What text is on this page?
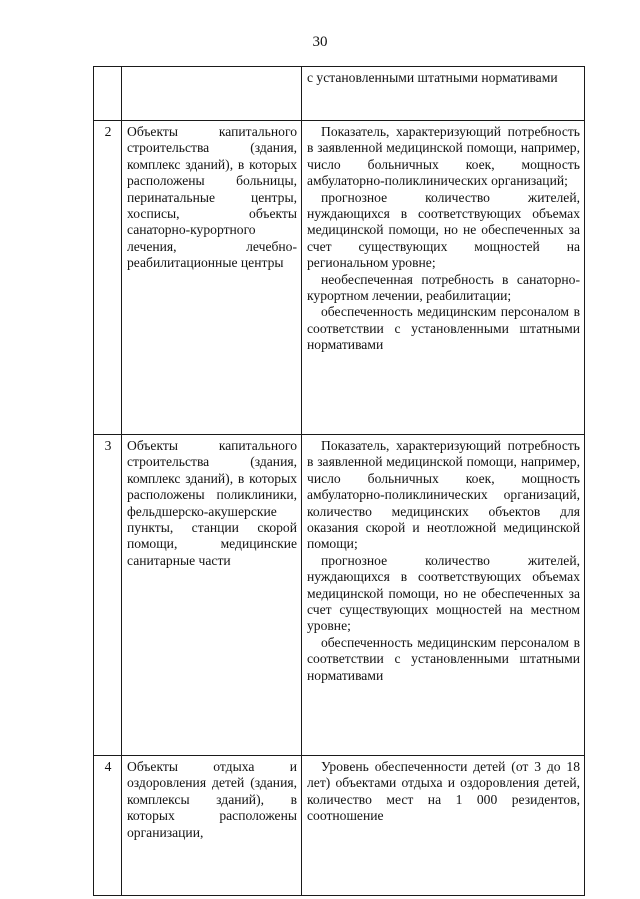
30

		с установленными штатными нормативами

2	Объекты капитального строительства (здания, комплекс зданий), в которых расположены больницы, перинатальные центры, хосписы, объекты санаторно-курортного лечения, лечебно-реабилитационные центры	Показатель, характеризующий потребность в заявленной медицинской помощи, например, число больничных коек, мощность амбулаторно-поликлинических организаций;

прогнозное количество жителей, нуждающихся в соответствующих объемах медицинской помощи, но не обеспеченных за счет существующих мощностей на региональном уровне;

необеспеченная потребность в санаторно-курортном лечении, реабилитации;

обеспеченность медицинским персоналом в соответствии с установленными штатными нормативами

3	Объекты капитального строительства (здания, комплекс зданий), в которых расположены поликлиники, фельдшерско-акушерские пункты, станции скорой помощи, медицинские санитарные части	Показатель, характеризующий потребность в заявленной медицинской помощи, например, число больничных коек, мощность амбулаторно-поликлинических организаций, количество медицинских объектов для оказания скорой и неотложной медицинской помощи;

прогнозное количество жителей, нуждающихся в соответствующих объемах медицинской помощи, но не обеспеченных за счет существующих мощностей на местном уровне;

обеспеченность медицинским персоналом в соответствии с установленными штатными нормативами

4	Объекты отдыха и оздоровления детей (здания, комплексы зданий), в которых расположены организации,	Уровень обеспеченности детей (от 3 до 18 лет) объектами отдыха и оздоровления детей, количество мест на 1 000 резидентов, соотношение
